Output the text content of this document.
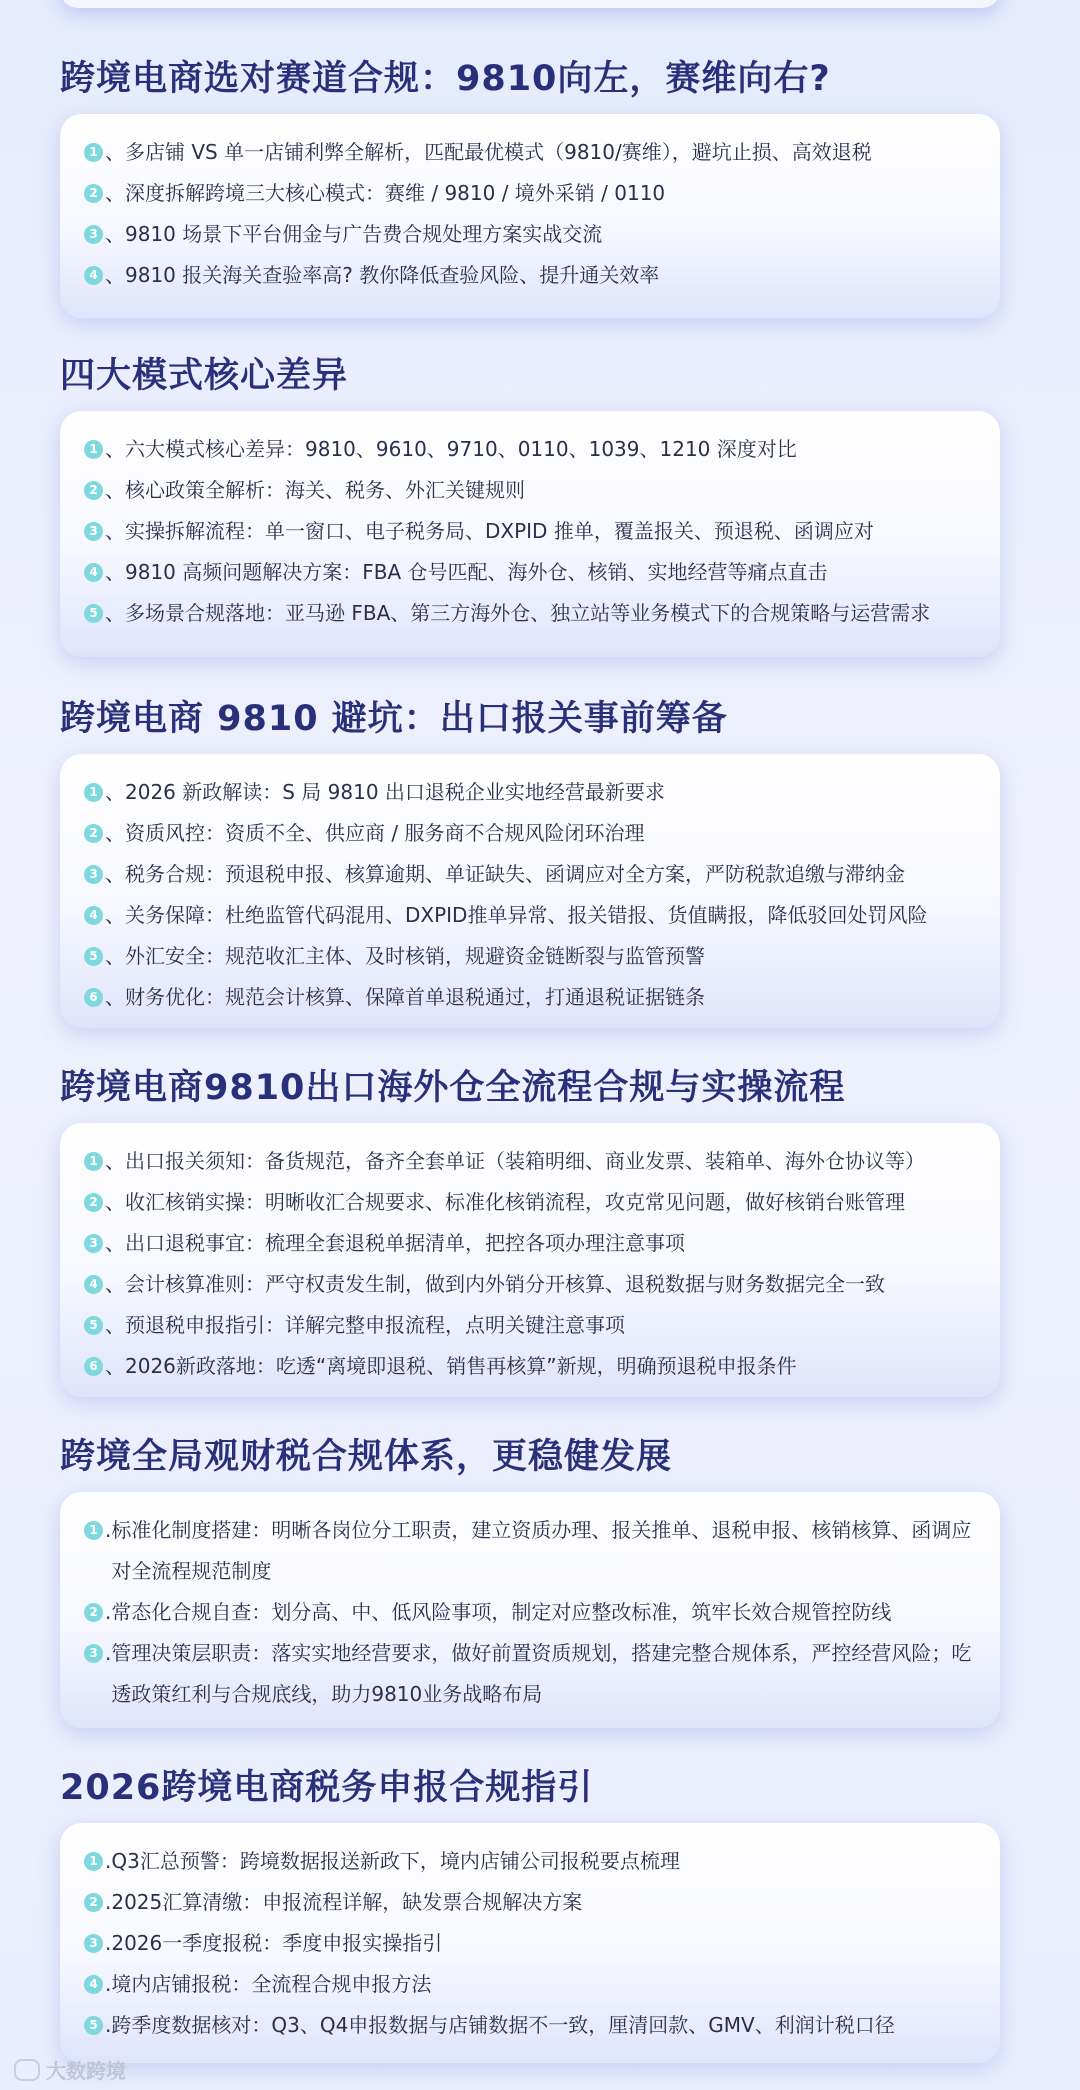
跨境电商选对赛道合规：9810向左，赛维向右?
1 、 多店铺 VS 单一店铺利弊全解析，匹配最优模式（9810/赛维），避坑止损、高效退税
2 、 深度拆解跨境三大核心模式：赛维 / 9810 / 境外采销 / 0110
3 、 9810 场景下平台佣金与广告费合规处理方案实战交流
4 、 9810 报关海关查验率高? 教你降低查验风险、提升通关效率
四大模式核心差异
1 、 六大模式核心差异：9810、9610、9710、0110、1039、1210 深度对比
2 、 核心政策全解析：海关、税务、外汇关键规则
3 、 实操拆解流程：单一窗口、电子税务局、DXPID 推单，覆盖报关、预退税、函调应对
4 、 9810 高频问题解决方案：FBA 仓号匹配、海外仓、核销、实地经营等痛点直击
5 、 多场景合规落地：亚马逊 FBA、第三方海外仓、独立站等业务模式下的合规策略与运营需求
跨境电商 9810 避坑：出口报关事前筹备
1 、 2026 新政解读：S 局 9810 出口退税企业实地经营最新要求
2 、 资质风控：资质不全、供应商 / 服务商不合规风险闭环治理
3 、 税务合规：预退税申报、核算逾期、单证缺失、函调应对全方案，严防税款追缴与滞纳金
4 、 关务保障：杜绝监管代码混用、DXPID推单异常、报关错报、货值瞒报，降低驳回处罚风险
5 、 外汇安全：规范收汇主体、及时核销，规避资金链断裂与监管预警
6 、 财务优化：规范会计核算、保障首单退税通过，打通退税证据链条
跨境电商9810出口海外仓全流程合规与实操流程
1 、 出口报关须知：备货规范，备齐全套单证（装箱明细、商业发票、装箱单、海外仓协议等）
2 、 收汇核销实操：明晰收汇合规要求、标准化核销流程，攻克常见问题，做好核销台账管理
3 、 出口退税事宜：梳理全套退税单据清单，把控各项办理注意事项
4 、 会计核算准则：严守权责发生制，做到内外销分开核算、退税数据与财务数据完全一致
5 、 预退税申报指引：详解完整申报流程，点明关键注意事项
6 、 2026新政落地：吃透“离境即退税、销售再核算”新规，明确预退税申报条件
跨境全局观财税合规体系，更稳健发展
1 . 标准化制度搭建：明晰各岗位分工职责，建立资质办理、报关推单、退税申报、核销核算、函调应对全流程规范制度
2 . 常态化合规自查：划分高、中、低风险事项，制定对应整改标准，筑牢长效合规管控防线
3 . 管理决策层职责：落实实地经营要求，做好前置资质规划，搭建完整合规体系，严控经营风险；吃透政策红利与合规底线，助力9810业务战略布局
2026跨境电商税务申报合规指引
1 . Q3汇总预警：跨境数据报送新政下，境内店铺公司报税要点梳理
2 . 2025汇算清缴：申报流程详解，缺发票合规解决方案
3 . 2026一季度报税：季度申报实操指引
4 . 境内店铺报税：全流程合规申报方法
5 . 跨季度数据核对：Q3、Q4申报数据与店铺数据不一致，厘清回款、GMV、利润计税口径
大数跨境
